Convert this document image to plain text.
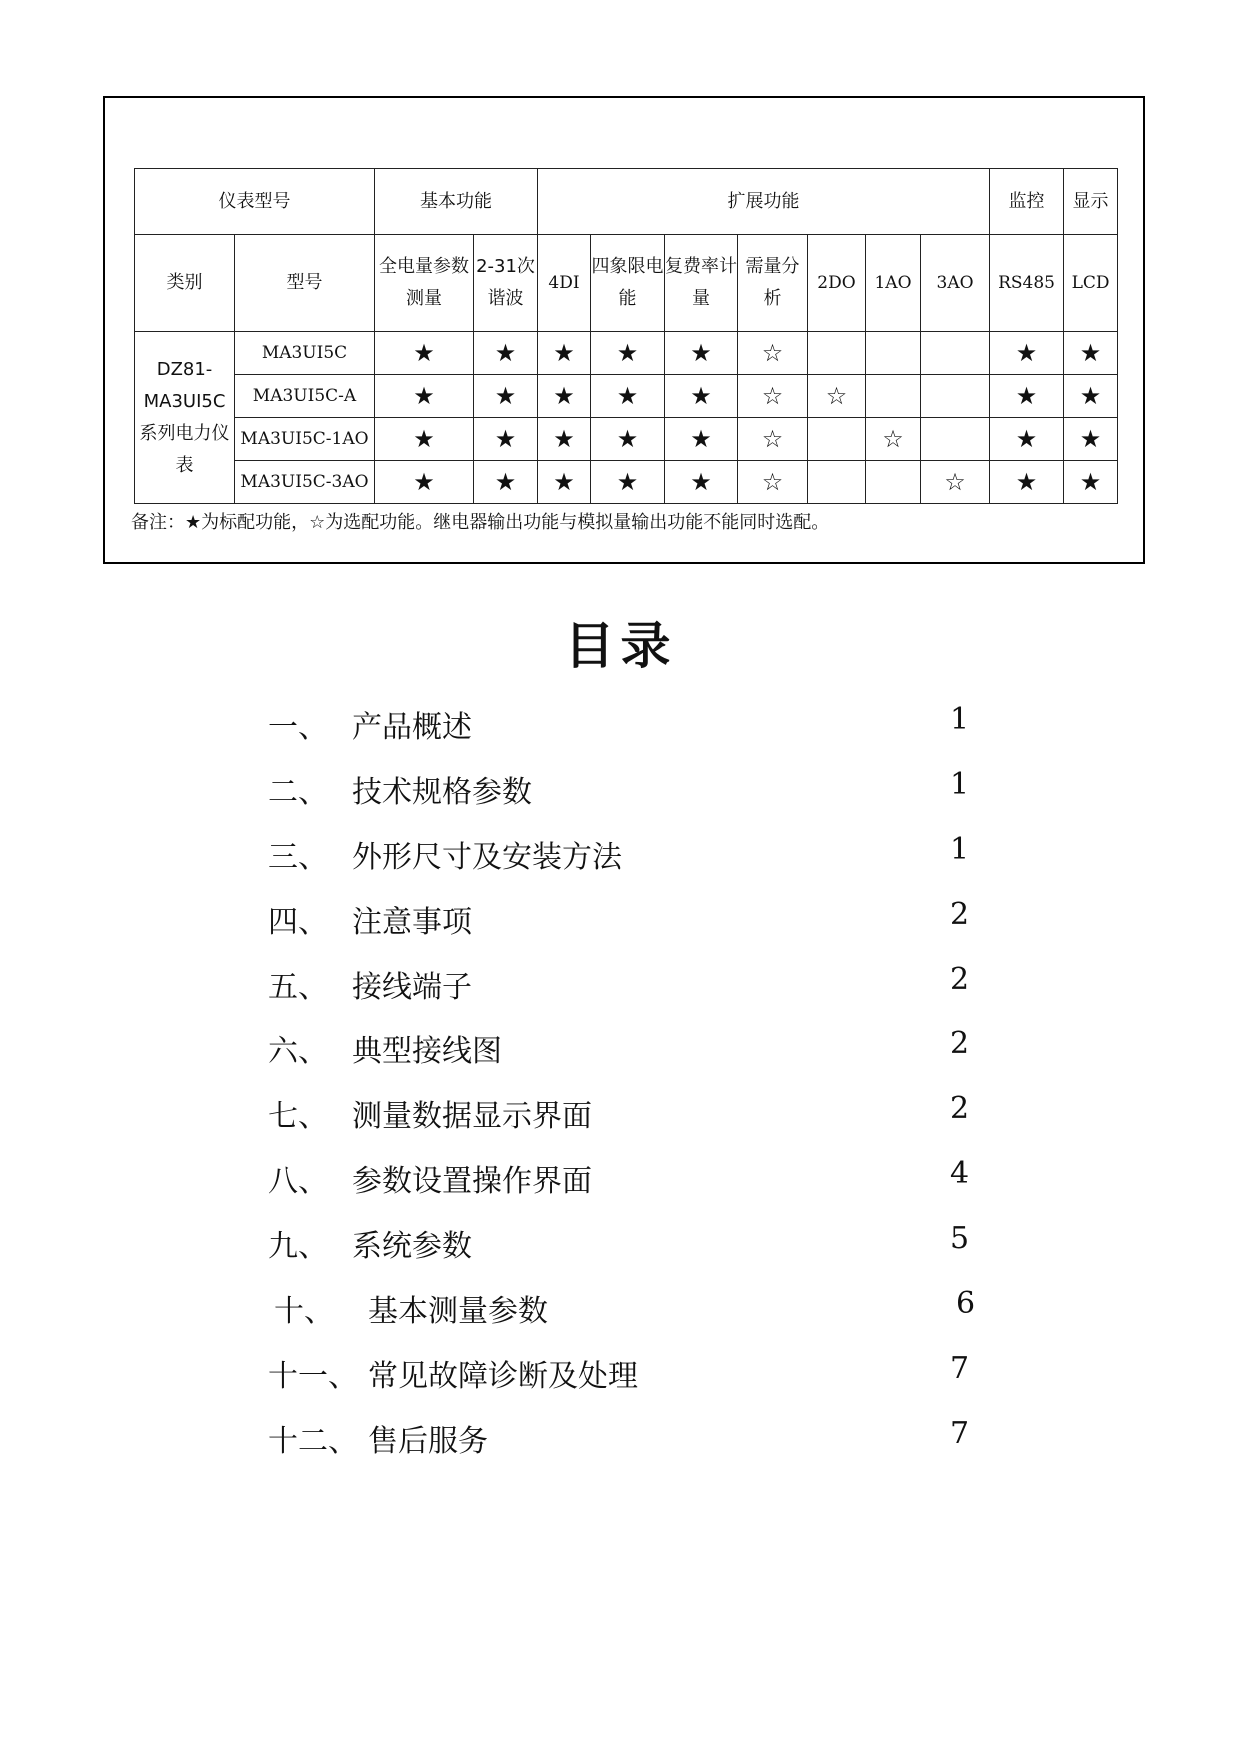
仪表型号		基本功能		扩展功能							监控	显示
类别	型号	全电量参数测量	2-31次谐波	4DI	四象限电能	复费率计量	需量分析	2DO	1AO	3AO	RS485	LCD
DZ81-MA3UI5C系列电力仪表	MA3UI5C	★	★	★	★	★	☆				★	★
	MA3UI5C-A	★	★	★	★	★	☆	☆			★	★
	MA3UI5C-1AO	★	★	★	★	★	☆		☆		★	★
	MA3UI5C-3AO	★	★	★	★	★	☆			☆	★	★
备注：★为标配功能，☆为选配功能。继电器输出功能与模拟量输出功能不能同时选配。
目录
一、 产品概述	1
二、 技术规格参数	1
三、 外形尺寸及安装方法	1
四、 注意事项	2
五、 接线端子	2
六、 典型接线图	2
七、 测量数据显示界面	2
八、 参数设置操作界面	4
九、 系统参数	5
十、 基本测量参数	6
十一、 常见故障诊断及处理	7
十二、 售后服务	7
